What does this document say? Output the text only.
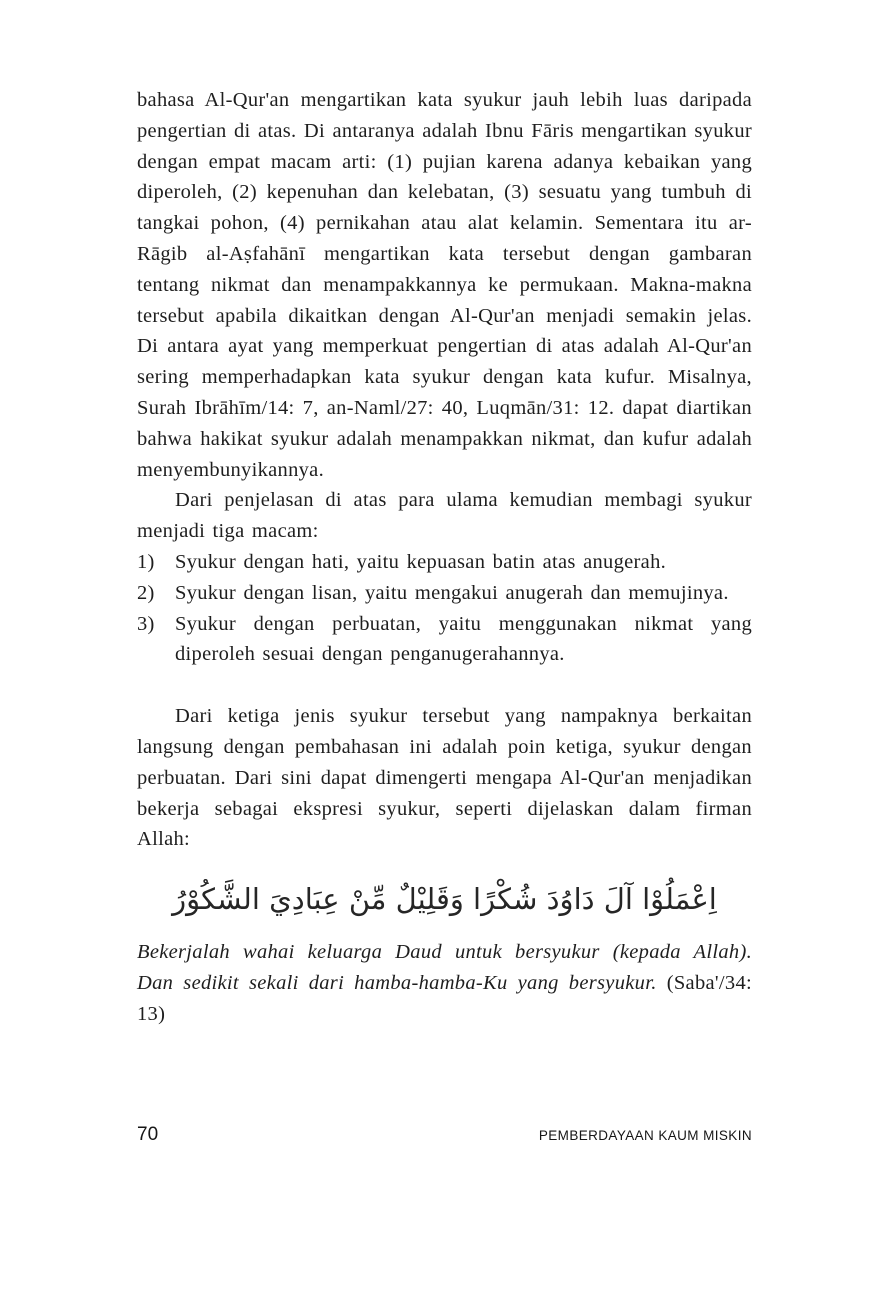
bahasa Al-Qur'an mengartikan kata syukur jauh lebih luas daripada pengertian di atas. Di antaranya adalah Ibnu Fāris mengartikan syukur dengan empat macam arti: (1) pujian karena adanya kebaikan yang diperoleh, (2) kepenuhan dan kelebatan, (3) sesuatu yang tumbuh di tangkai pohon, (4) pernikahan atau alat kelamin. Sementara itu ar-Rāgib al-Aṣfahānī mengartikan kata tersebut dengan gambaran tentang nikmat dan menampakkannya ke permukaan. Makna-makna tersebut apabila dikaitkan dengan Al-Qur'an menjadi semakin jelas. Di antara ayat yang memperkuat pengertian di atas adalah Al-Qur'an sering memperhadapkan kata syukur dengan kata kufur. Misalnya, Surah Ibrāhīm/14: 7, an-Naml/27: 40, Luqmān/31: 12. dapat diartikan bahwa hakikat syukur adalah menampakkan nikmat, dan kufur adalah menyembunyikannya.

Dari penjelasan di atas para ulama kemudian membagi syukur menjadi tiga macam:

1) Syukur dengan hati, yaitu kepuasan batin atas anugerah.
2) Syukur dengan lisan, yaitu mengakui anugerah dan memujinya.
3) Syukur dengan perbuatan, yaitu menggunakan nikmat yang diperoleh sesuai dengan penganugerahannya.

Dari ketiga jenis syukur tersebut yang nampaknya berkaitan langsung dengan pembahasan ini adalah poin ketiga, syukur dengan perbuatan. Dari sini dapat dimengerti mengapa Al-Qur'an menjadikan bekerja sebagai ekspresi syukur, seperti dijelaskan dalam firman Allah:

اِعْمَلُوْا آلَ دَاوُدَ شُكْرًا وَقَلِيْلٌ مِّنْ عِبَادِيَ الشَّكُوْرُ

Bekerjalah wahai keluarga Daud untuk bersyukur (kepada Allah). Dan sedikit sekali dari hamba-hamba-Ku yang bersyukur. (Saba'/34: 13)

70	PEMBERDAYAAN KAUM MISKIN
